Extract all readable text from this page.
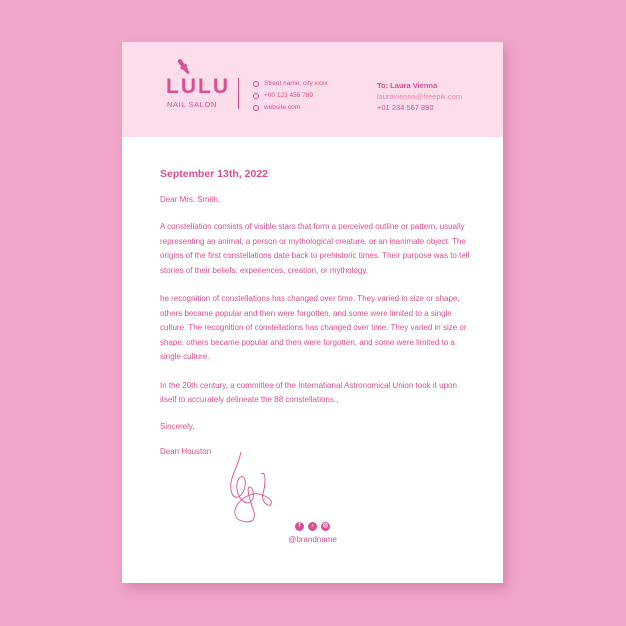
LULU
NAIL SALON
Street name, city xxxx
+00 123 456 789
website.com
To: Laura Vienna
lauravienna@freepik.com
+01 234 567 890
September 13th, 2022
Dear Mrs. Smith,

A constellation consists of visible stars that form a perceived outline or pattern, usually representing an animal, a person or mythological creature, or an inanimate object. The origins of the first constellations date back to prehistoric times. Their purpose was to tell stories of their beliefs, experiences, creation, or mythology.

he recognition of constellations has changed over time. They varied in size or shape, others became popular and then were forgotten, and some were limited to a single culture. The recognition of constellations has changed over time. They varied in size or shape, others became popular and then were forgotten, and some were limited to a single culture.

In the 20th century, a committee of the International Astronomical Union took it upon itself to accurately delineate the 88 constellations.,

Sincerely,
Dean Houston
f	♪	◎
@brandname
